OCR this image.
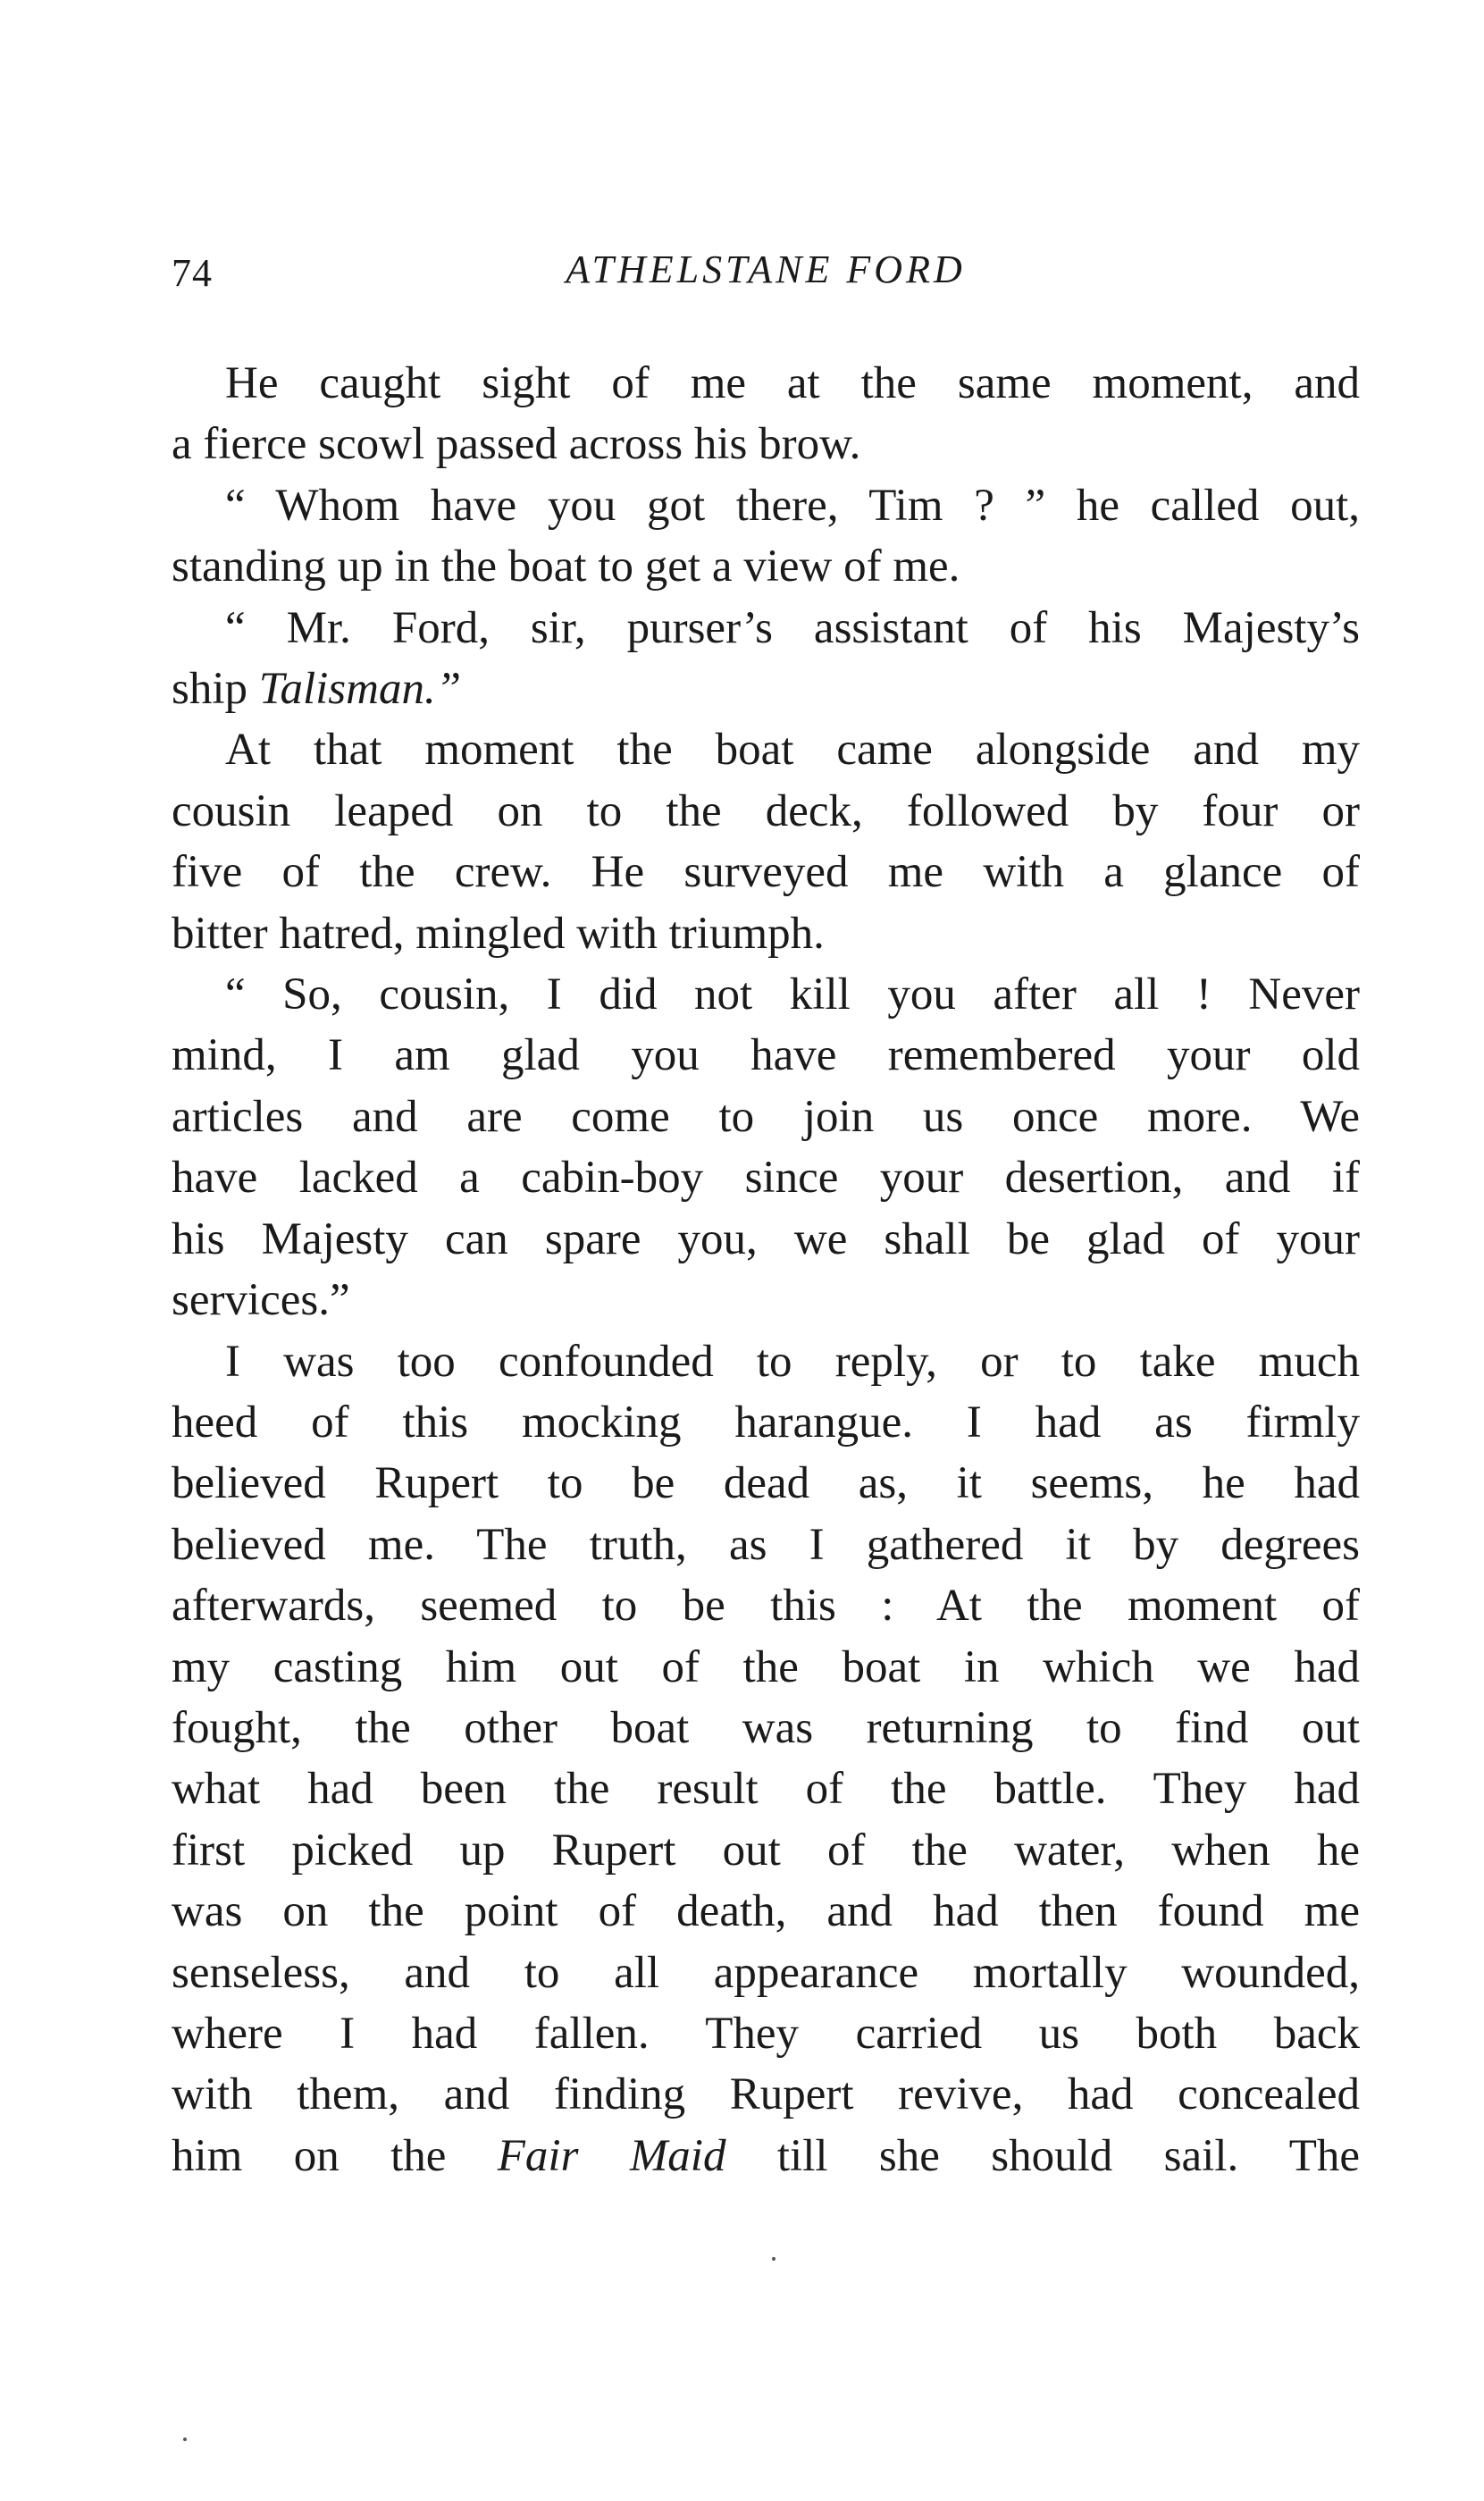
74	ATHELSTANE FORD
He caught sight of me at the same moment, and
a fierce scowl passed across his brow.
“ Whom have you got there, Tim ? ” he called out,
standing up in the boat to get a view of me.
“ Mr. Ford, sir, purser’s assistant of his Majesty’s
ship Talisman.”
At that moment the boat came alongside and my
cousin leaped on to the deck, followed by four or
five of the crew. He surveyed me with a glance of
bitter hatred, mingled with triumph.
“ So, cousin, I did not kill you after all ! Never
mind, I am glad you have remembered your old
articles and are come to join us once more. We
have lacked a cabin-boy since your desertion, and if
his Majesty can spare you, we shall be glad of your
services.”
I was too confounded to reply, or to take much
heed of this mocking harangue. I had as firmly
believed Rupert to be dead as, it seems, he had
believed me. The truth, as I gathered it by degrees
afterwards, seemed to be this : At the moment of
my casting him out of the boat in which we had
fought, the other boat was returning to find out
what had been the result of the battle. They had
first picked up Rupert out of the water, when he
was on the point of death, and had then found me
senseless, and to all appearance mortally wounded,
where I had fallen. They carried us both back
with them, and finding Rupert revive, had concealed
him on the Fair Maid till she should sail. The
